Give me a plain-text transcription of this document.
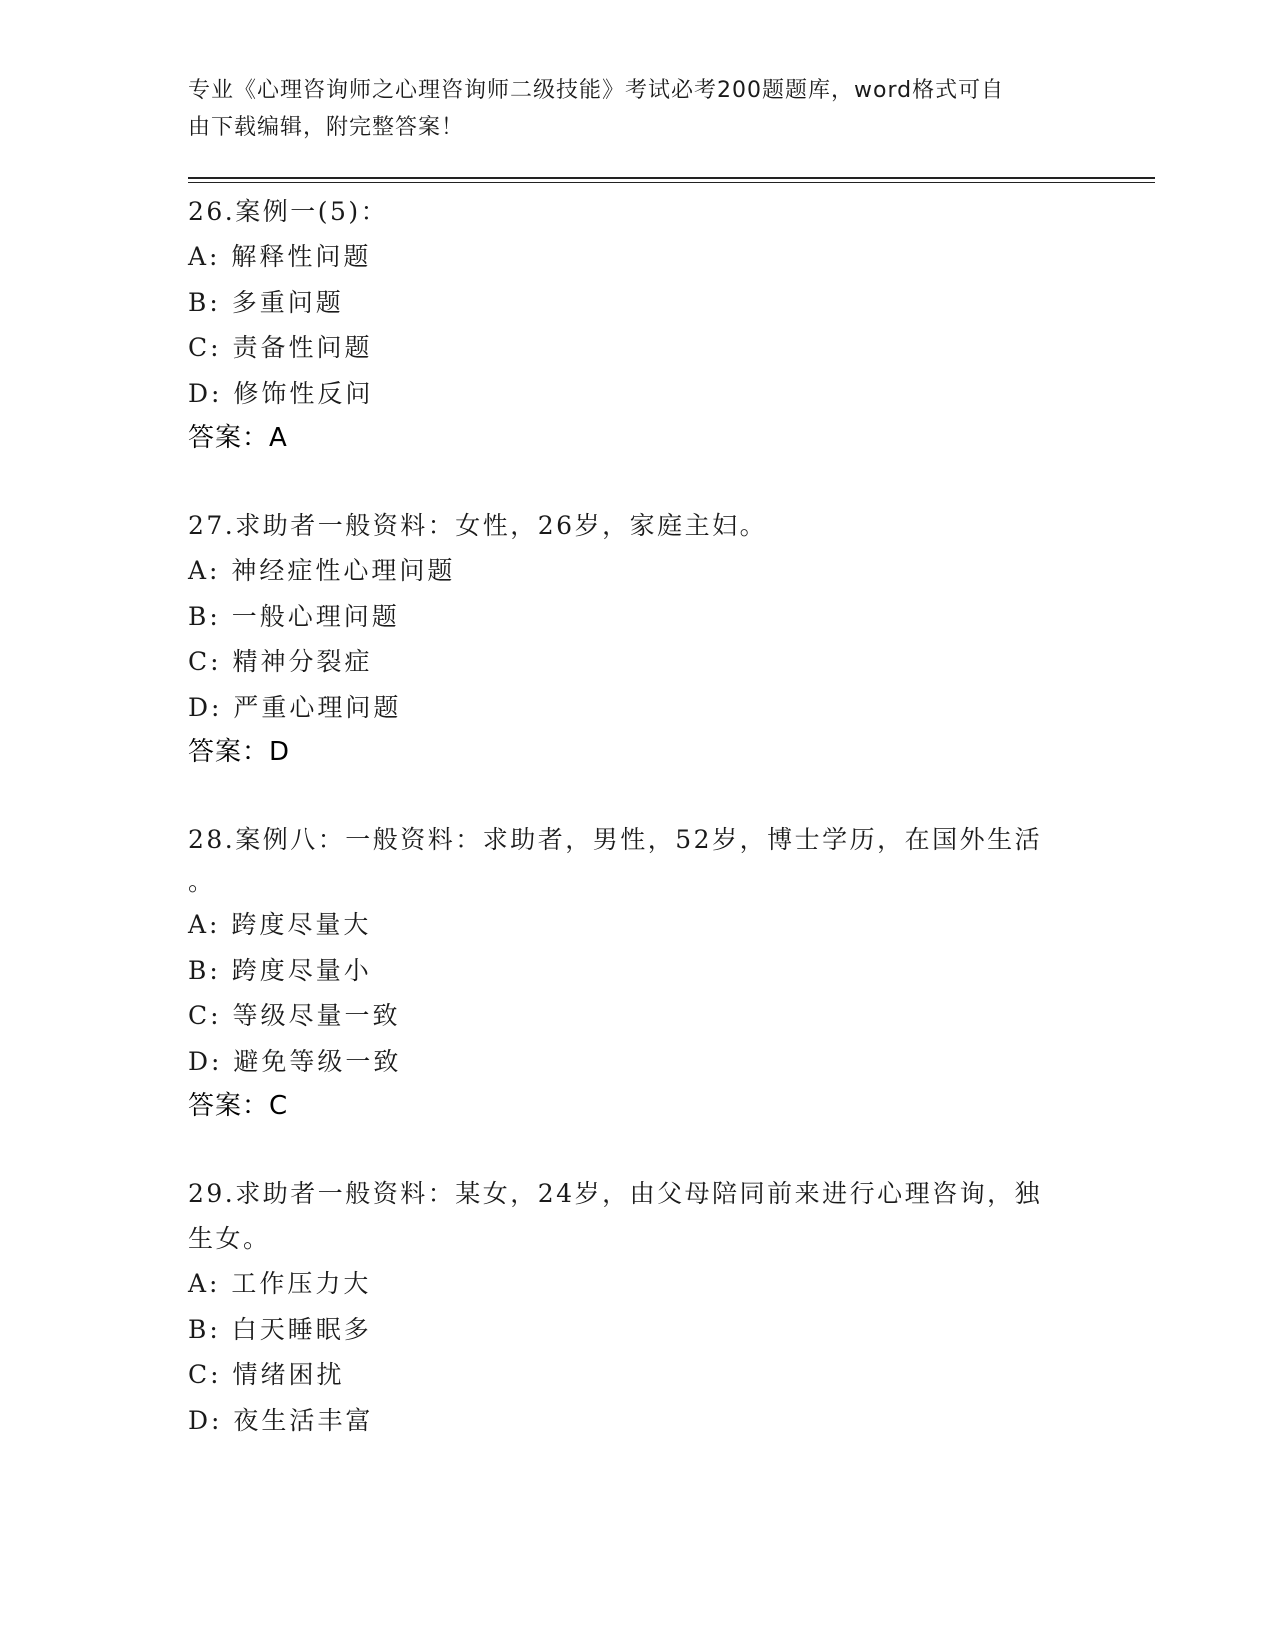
专业《心理咨询师之心理咨询师二级技能》考试必考200题题库，word格式可自
由下载编辑，附完整答案！
26.案例一(5)：
A: 解释性问题
B: 多重问题
C: 责备性问题
D: 修饰性反问
答案：A
27.求助者一般资料：女性，26岁，家庭主妇。
A: 神经症性心理问题
B: 一般心理问题
C: 精神分裂症
D: 严重心理问题
答案：D
28.案例八：一般资料：求助者，男性，52岁，博士学历，在国外生活
。
A: 跨度尽量大
B: 跨度尽量小
C: 等级尽量一致
D: 避免等级一致
答案：C
29.求助者一般资料：某女，24岁，由父母陪同前来进行心理咨询，独
生女。
A: 工作压力大
B: 白天睡眠多
C: 情绪困扰
D: 夜生活丰富
